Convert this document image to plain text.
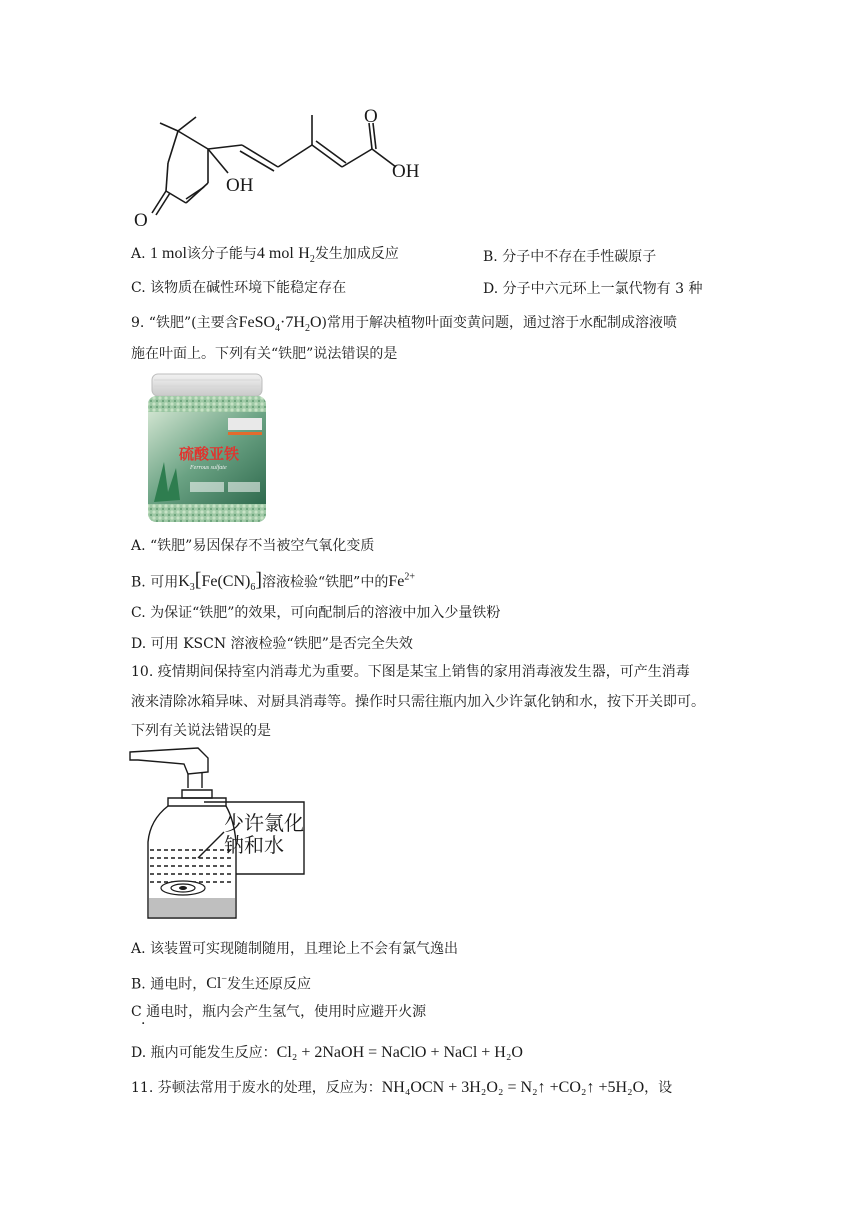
O
OH
OH
O
A. 1 mol该分子能与4 mol $H_2$发生加成反应	B. 分子中不存在手性碳原子
C. 该物质在碱性环境下能稳定存在	D. 分子中六元环上一氯代物有 3 种
9. “铁肥”(主要含$FeSO_4\cdot 7H_2O$)常用于解决植物叶面变黄问题，通过溶于水配制成溶液喷
施在叶面上。下列有关“铁肥”说法错误的是
硫酸亚铁
Ferrous sulfate
A. “铁肥”易因保存不当被空气氧化变质
B. 可用$K_3[Fe(CN)_6]$溶液检验“铁肥”中的$Fe^{2+}$
C. 为保证“铁肥”的效果，可向配制后的溶液中加入少量铁粉
D. 可用 KSCN 溶液检验“铁肥”是否完全失效
10. 疫情期间保持室内消毒尤为重要。下图是某宝上销售的家用消毒液发生器，可产生消毒
液来清除冰箱异味、对厨具消毒等。操作时只需往瓶内加入少许氯化钠和水，按下开关即可。
下列有关说法错误的是
少许氯化
钠和水
A. 该装置可实现随制随用，且理论上不会有氯气逸出
B. 通电时，Cl−发生还原反应
C 通电时，瓶内会产生氢气，使用时应避开火源
·
D. 瓶内可能发生反应：Cl₂ + 2NaOH = NaClO + NaCl + H₂O
11. 芬顿法常用于废水的处理，反应为：NH₄OCN + 3H₂O₂ = N₂↑ +CO₂↑ +5H₂O，设
